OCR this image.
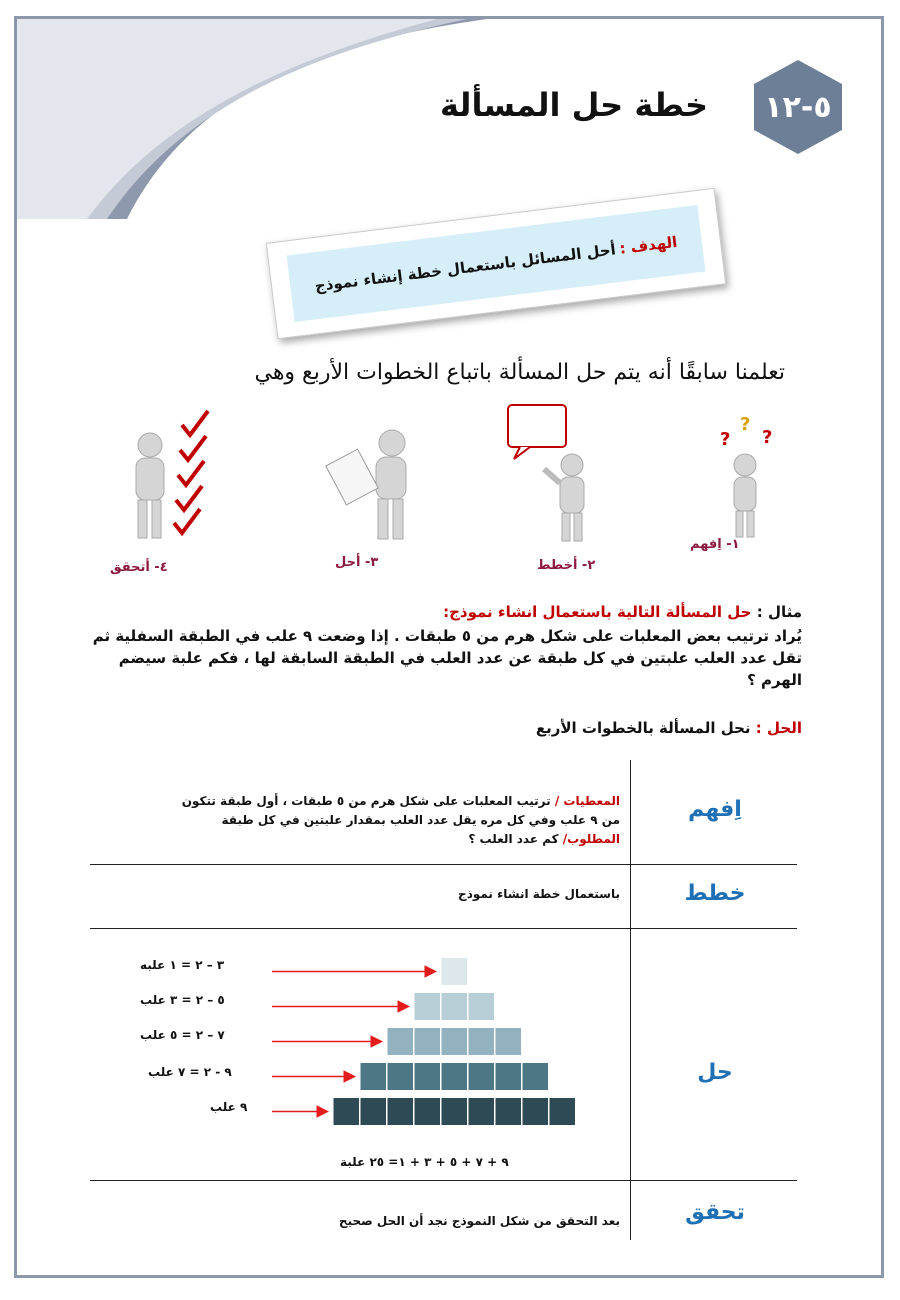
٥-١٢
خطة حل المسألة
الهدف :
أحل المسائل باستعمال خطة إنشاء نموذج
تعلمنا سابقًا أنه يتم حل المسألة باتباع الخطوات الأربع وهي
?
?
?
١- اِفهم
٢- أخطط
٣- أحل
٤- أتحقق
مثال : حل المسألة التالية باستعمال انشاء نموذج:
يُراد ترتيب بعض المعلبات على شكل هرم من ٥ طبقات . إذا وضعت ٩ علب في الطبقة السفلية ثم تقل عدد العلب علبتين في كل طبقة عن عدد العلب في الطبقة السابقة لها ، فكم علبة سيضم الهرم ؟
الحل : نحل المسألة بالخطوات الأربع
اِفهم
المعطيات / ترتيب المعلبات على شكل هرم من ٥ طبقات ، أول طبقة تتكون
من ٩ علب وفي كل مره يقل عدد العلب بمقدار علبتين في كل طبقة
المطلوب/ كم عدد العلب ؟
خطط
باستعمال خطة انشاء نموذج
حل
٣ – ٢ = ١ علبه
٥ – ٢ = ٣ علب
٧ – ٢ = ٥ علب
٩ - ٢ = ٧ علب
٩ علب
٩ + ٧ + ٥ + ٣ + ١= ٢٥ علبة
تحقق
بعد التحقق من شكل النموذج نجد أن الحل صحيح
